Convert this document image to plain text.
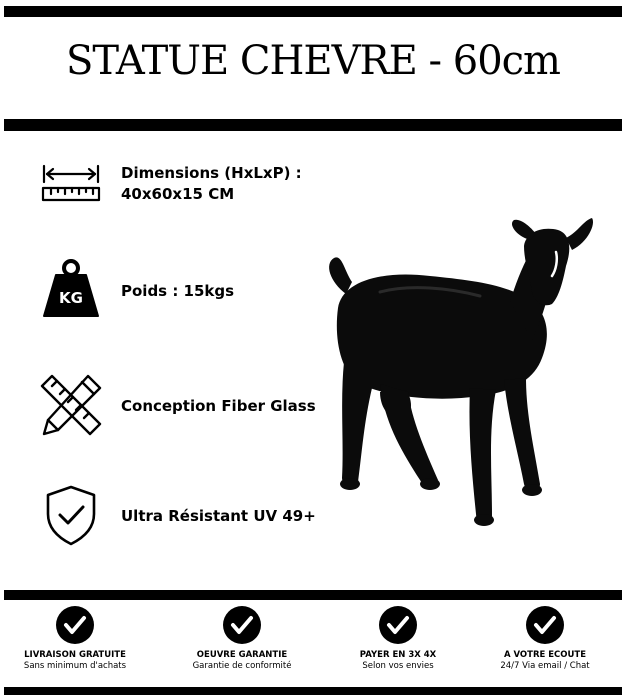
STATUE CHEVRE - 60cm
Dimensions (HxLxP) :
40x60x15 CM
KG	Poids : 15kgs
Conception Fiber Glass
Ultra Résistant UV 49+
LIVRAISON GRATUITE
Sans minimum d'achats
OEUVRE GARANTIE
Garantie de conformité
PAYER EN 3X 4X
Selon vos envies
A VOTRE ECOUTE
24/7 Via email / Chat
